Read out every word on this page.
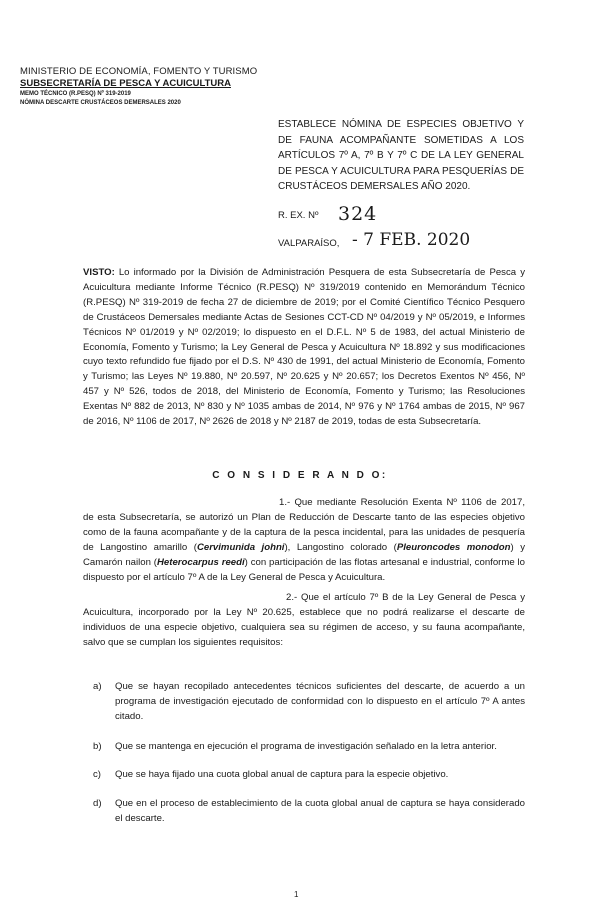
MINISTERIO DE ECONOMÍA, FOMENTO Y TURISMO
SUBSECRETARÍA DE PESCA Y ACUICULTURA
MEMO TÉCNICO (R.PESQ) Nº 319-2019
NÓMINA DESCARTE CRUSTÁCEOS DEMERSALES 2020
ESTABLECE NÓMINA DE ESPECIES OBJETIVO Y DE FAUNA ACOMPAÑANTE SOMETIDAS A LOS ARTÍCULOS 7º A, 7º B Y 7º C DE LA LEY GENERAL DE PESCA Y ACUICULTURA PARA PESQUERÍAS DE CRUSTÁCEOS DEMERSALES AÑO 2020.
R. EX. Nº 324
VALPARAÍSO, - 7 FEB. 2020
VISTO: Lo informado por la División de Administración Pesquera de esta Subsecretaría de Pesca y Acuicultura mediante Informe Técnico (R.PESQ) Nº 319/2019 contenido en Memorándum Técnico (R.PESQ) Nº 319-2019 de fecha 27 de diciembre de 2019; por el Comité Científico Técnico Pesquero de Crustáceos Demersales mediante Actas de Sesiones CCT-CD Nº 04/2019 y Nº 05/2019, e Informes Técnicos Nº 01/2019 y Nº 02/2019; lo dispuesto en el D.F.L. Nº 5 de 1983, del actual Ministerio de Economía, Fomento y Turismo; la Ley General de Pesca y Acuicultura Nº 18.892 y sus modificaciones cuyo texto refundido fue fijado por el D.S. Nº 430 de 1991, del actual Ministerio de Economía, Fomento y Turismo; las Leyes Nº 19.880, Nº 20.597, Nº 20.625 y Nº 20.657; los Decretos Exentos Nº 456, Nº 457 y Nº 526, todos de 2018, del Ministerio de Economía, Fomento y Turismo; las Resoluciones Exentas Nº 882 de 2013, Nº 830 y Nº 1035 ambas de 2014, Nº 976 y Nº 1764 ambas de 2015, Nº 967 de 2016, Nº 1106 de 2017, Nº 2626 de 2018 y Nº 2187 de 2019, todas de esta Subsecretaría.
C O N S I D E R A N D O:
1.- Que mediante Resolución Exenta Nº 1106 de 2017, de esta Subsecretaría, se autorizó un Plan de Reducción de Descarte tanto de las especies objetivo como de la fauna acompañante y de la captura de la pesca incidental, para las unidades de pesquería de Langostino amarillo (Cervimunida johni), Langostino colorado (Pleuroncodes monodon) y Camarón nailon (Heterocarpus reedi) con participación de las flotas artesanal e industrial, conforme lo dispuesto por el artículo 7º A de la Ley General de Pesca y Acuicultura.
2.- Que el artículo 7º B de la Ley General de Pesca y Acuicultura, incorporado por la Ley Nº 20.625, establece que no podrá realizarse el descarte de individuos de una especie objetivo, cualquiera sea su régimen de acceso, y su fauna acompañante, salvo que se cumplan los siguientes requisitos:
a) Que se hayan recopilado antecedentes técnicos suficientes del descarte, de acuerdo a un programa de investigación ejecutado de conformidad con lo dispuesto en el artículo 7º A antes citado.
b) Que se mantenga en ejecución el programa de investigación señalado en la letra anterior.
c) Que se haya fijado una cuota global anual de captura para la especie objetivo.
d) Que en el proceso de establecimiento de la cuota global anual de captura se haya considerado el descarte.
1
